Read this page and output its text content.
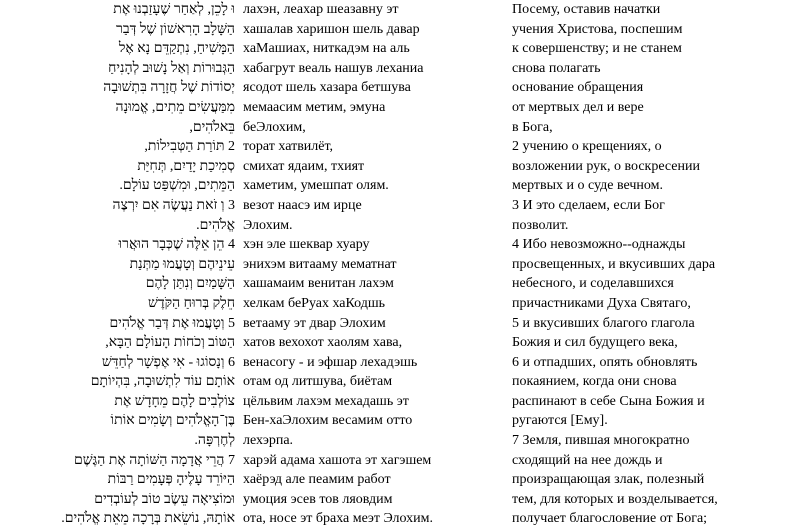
וּ לָכֵן, לְאַחַר שֶׁעָזַבְנוּ אֶת
הַשָּׁלָב הָרִאשׁוֹן שֶׁל דְּבַר
הַמָּשִׁיחַ, נִתְקַדֵּם נָא אֶל
הַגְּבוּרוֹת וְאַל נָשׁוּב לְהָנִיחַ
יְסוֹדוֹת שֶׁל חֲזָרָה בִּתְשׁוּבָה
מִמַּעֲשִׂים מֵתִים, אֱמוּנָה
בֵּאלֹהִים,
2 תּוֹרַת הַטְּבִילוֹת,
סְמִיכַת יָדַיִם, תְּחִיַּת
הַמֵּתִים, וּמִשְׁפַּט עוֹלָם.
3 וְ זֹאת נַעֲשֶׂה אִם יִרְצֶה
אֱלֹהִים.
4 הֵן אֵלֶּה שֶׁכְּבָר הוּאֲרוּ
עֵינֵיהֶם וְטָעֲמוּ מַתְּנַת
הַשָּׁמַיִם וְנִתַּן לָהֶם
חֵלֶק בְּרוּחַ הַקֹּדֶשׁ
5 וְטָעֲמוּ אֶת דְּבַר אֱלֹהִים
הַטּוֹב וְכֹחוֹת הָעוֹלָם הַבָּא,
6 וְנָסוֹגוּ - אִי אֶפְשָׁר לְחַדֵּשׁ
אוֹתָם עוֹד לִתְשׁוּבָה, בִּהְיוֹתָם
צוֹלְבִים לָהֶם מֵחָדָשׁ אֶת
בֶּן־הָאֱלֹהִים וְשָׂמִים אוֹתוֹ
לְחֶרְפָּה.
7 הֲרֵי אֲדָמָה הַשּׁוֹתָה אֶת הַגֶּשֶׁם
הַיּוֹרֵד עָלֶיהָ פְּעָמִים רַבּוֹת
וּמוֹצִיאָה עֵשֶׂב טוֹב לְעוֹבְדִים
אוֹתָהּ, נוֹשֵׂאת בְּרָכָה מֵאֵת אֱלֹהִים.
лахэн, леахар шеазавну эт
хашалав харишон шель давар
хаМашиах, ниткадэм на аль
хабагрут веаль нашув леханиа
ясодот шель хазара бетшува
мемаасим метим, эмуна
беЭлохим,
торат хатвилёт,
смихат ядаим, тхият
хаметим, умешпат олям.
везот наасэ им ирце
Элохим.
хэн эле шеквар хуару
энихэм витааму мематнат
хашамаим венитан лахэм
хелкам беРуах хаКодшь
ветааму эт двар Элохим
хатов вехохот хаолям хава,
венасогу - и эфшар лехадэшь
отам од литшува, биётам
цёльвим лахэм мехадашь эт
Бен-хаЭлохим весамим отто
лехэрпа.
харэй адама хашота эт хагэшем
хаёрэд але пеамим работ
умоция эсев тов ляовдим
ота, носе эт браха меэт Элохим.
Посему, оставив начатки
учения Христова, поспешим
к совершенству; и не станем
снова полагать
основание обращения
от мертвых дел и вере
в Бога,
2 учению о крещениях, о
возложении рук, о воскресении
мертвых и о суде вечном.
3 И это сделаем, если Бог
позволит.
4 Ибо невозможно--однажды
просвещенных, и вкусивших дара
небесного, и соделавшихся
причастниками Духа Святаго,
5 и вкусивших благого глагола
Божия и сил будущего века,
6 и отпадших, опять обновлять
покаянием, когда они снова
распинают в себе Сына Божия и
ругаются [Ему].
7 Земля, пившая многократно
сходящий на нее дождь и
произращающая злак, полезный
тем, для которых и возделывается,
получает благословение от Бога;
